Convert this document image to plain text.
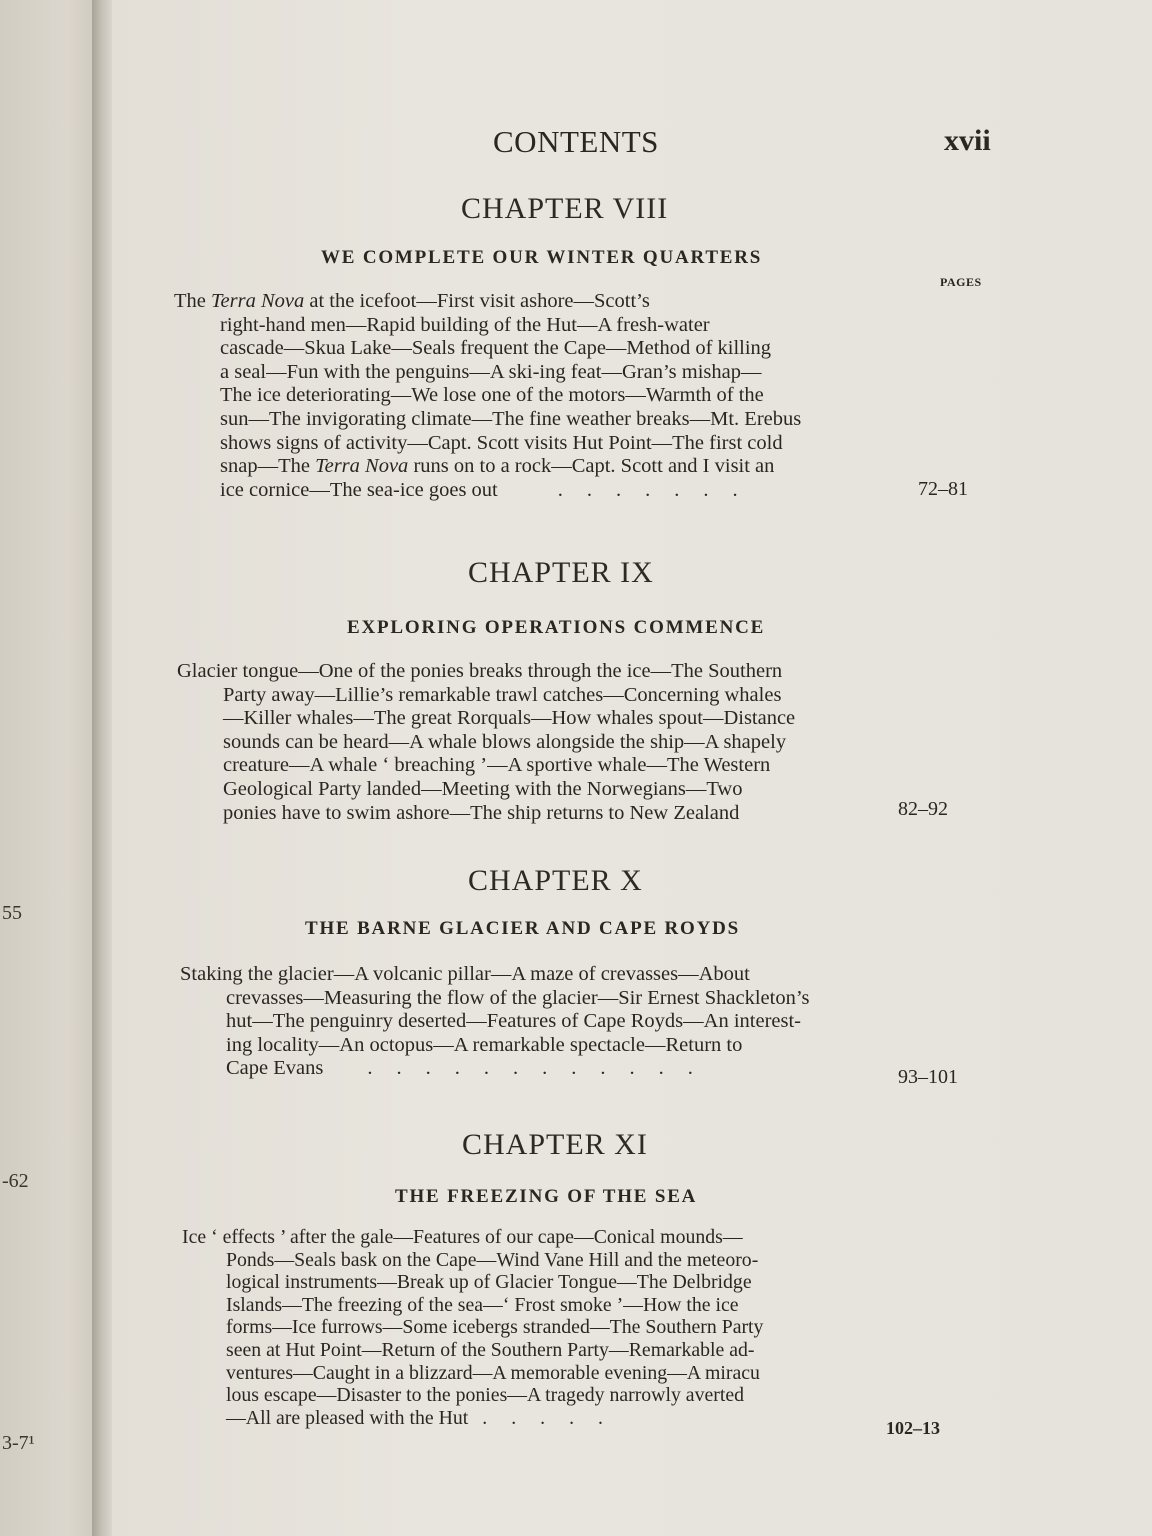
55
-62
3-7¹
CONTENTS	xvii
CHAPTER VIII
WE COMPLETE OUR WINTER QUARTERS
PAGES
The Terra Nova at the icefoot—First visit ashore—Scott’s
right-hand men—Rapid building of the Hut—A fresh-water
cascade—Skua Lake—Seals frequent the Cape—Method of killing
a seal—Fun with the penguins—A ski-ing feat—Gran’s mishap—
The ice deteriorating—We lose one of the motors—Warmth of the
sun—The invigorating climate—The fine weather breaks—Mt. Erebus
shows signs of activity—Capt. Scott visits Hut Point—The first cold
snap—The Terra Nova runs on to a rock—Capt. Scott and I visit an
ice cornice—The sea-ice goes out	.......	72–81
CHAPTER IX
EXPLORING OPERATIONS COMMENCE
Glacier tongue—One of the ponies breaks through the ice—The Southern
Party away—Lillie’s remarkable trawl catches—Concerning whales
—Killer whales—The great Rorquals—How whales spout—Distance
sounds can be heard—A whale blows alongside the ship—A shapely
creature—A whale ‘ breaching ’—A sportive whale—The Western
Geological Party landed—Meeting with the Norwegians—Two
ponies have to swim ashore—The ship returns to New Zealand	82–92
CHAPTER X
THE BARNE GLACIER AND CAPE ROYDS
Staking the glacier—A volcanic pillar—A maze of crevasses—About
crevasses—Measuring the flow of the glacier—Sir Ernest Shackleton’s
hut—The penguinry deserted—Features of Cape Royds—An interest-
ing locality—An octopus—A remarkable spectacle—Return to
Cape Evans ............	93–101
CHAPTER XI
THE FREEZING OF THE SEA
Ice ‘ effects ’ after the gale—Features of our cape—Conical mounds—
Ponds—Seals bask on the Cape—Wind Vane Hill and the meteoro-
logical instruments—Break up of Glacier Tongue—The Delbridge
Islands—The freezing of the sea—‘ Frost smoke ’—How the ice
forms—Ice furrows—Some icebergs stranded—The Southern Party
seen at Hut Point—Return of the Southern Party—Remarkable ad-
ventures—Caught in a blizzard—A memorable evening—A miracu
lous escape—Disaster to the ponies—A tragedy narrowly averted
—All are pleased with the Hut .....	102–13
